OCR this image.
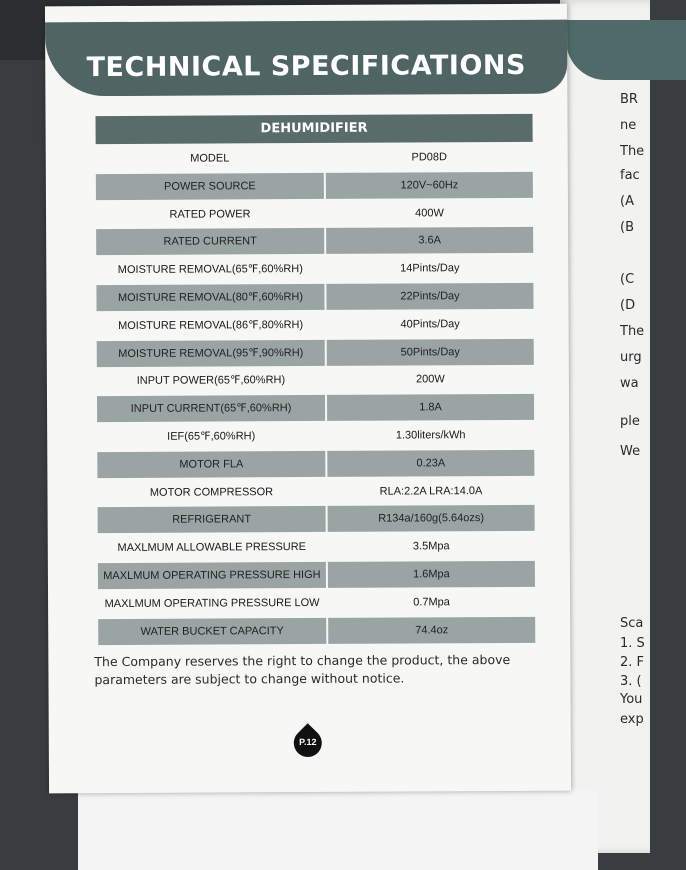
BR
ne
The
fac
(A
(B
(C
(D
The
urg
wa
ple
We
Sca
1. S
2. F
3. (
You
exp
TECHNICAL SPECIFICATIONS
DEHUMIDIFIER
MODEL	PD08D
POWER SOURCE	120V~60Hz
RATED POWER	400W
RATED CURRENT	3.6A
MOISTURE REMOVAL(65℉,60%RH)	14Pints/Day
MOISTURE REMOVAL(80℉,60%RH)	22Pints/Day
MOISTURE REMOVAL(86℉,80%RH)	40Pints/Day
MOISTURE REMOVAL(95℉,90%RH)	50Pints/Day
INPUT POWER(65℉,60%RH)	200W
INPUT CURRENT(65℉,60%RH)	1.8A
IEF(65℉,60%RH)	1.30liters/kWh
MOTOR FLA	0.23A
MOTOR COMPRESSOR	RLA:2.2A LRA:14.0A
REFRIGERANT	R134a/160g(5.64ozs)
MAXLMUM ALLOWABLE PRESSURE	3.5Mpa
MAXLMUM OPERATING PRESSURE HIGH	1.6Mpa
MAXLMUM OPERATING PRESSURE LOW	0.7Mpa
WATER BUCKET CAPACITY	74.4oz
The Company reserves the right to change the product, the above parameters are subject to change without notice.
P.12
